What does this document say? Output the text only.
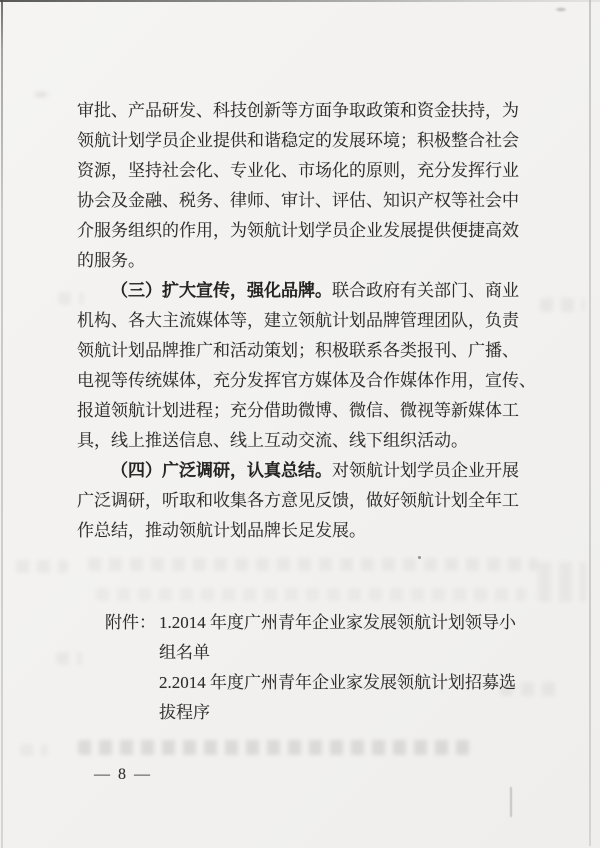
审批、产品研发、科技创新等方面争取政策和资金扶持，为
领航计划学员企业提供和谐稳定的发展环境；积极整合社会
资源，坚持社会化、专业化、市场化的原则，充分发挥行业
协会及金融、税务、律师、审计、评估、知识产权等社会中
介服务组织的作用，为领航计划学员企业发展提供便捷高效
的服务。
（三）扩大宣传，强化品牌。联合政府有关部门、商业
机构、各大主流媒体等，建立领航计划品牌管理团队，负责
领航计划品牌推广和活动策划；积极联系各类报刊、广播、
电视等传统媒体，充分发挥官方媒体及合作媒体作用，宣传、
报道领航计划进程；充分借助微博、微信、微视等新媒体工
具，线上推送信息、线上互动交流、线下组织活动。
（四）广泛调研，认真总结。对领航计划学员企业开展
广泛调研，听取和收集各方意见反馈，做好领航计划全年工
作总结，推动领航计划品牌长足发展。
附件： 1.2014 年度广州青年企业家发展领航计划领导小
组名单
2.2014 年度广州青年企业家发展领航计划招募选
拔程序
— 8 —
